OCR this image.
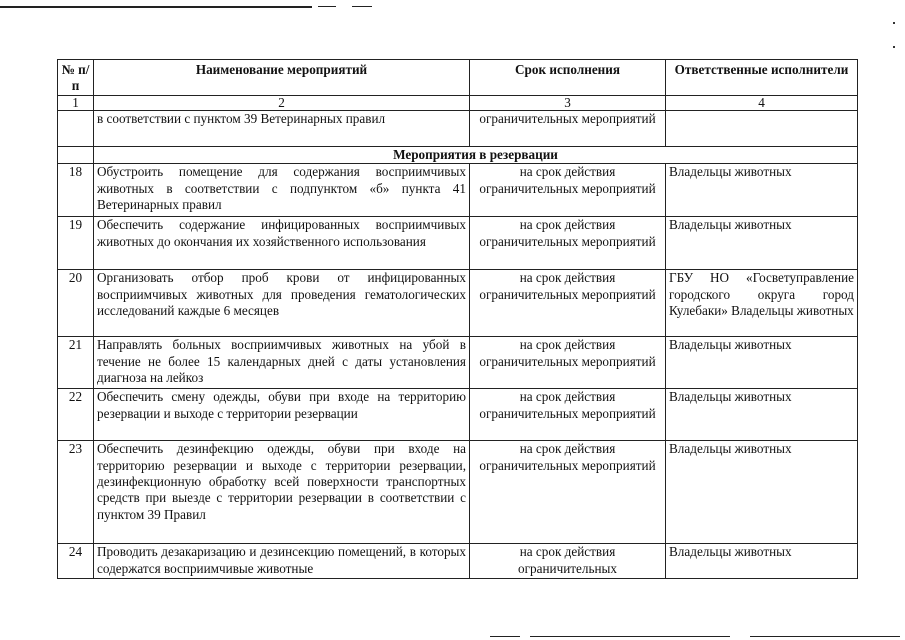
№ п/п	Наименование мероприятий	Срок исполнения	Ответственные исполнители
1	2	3	4
	в соответствии с пунктом 39 Ветеринарных правил	ограничительных мероприятий	
	Мероприятия в резервации		
18	Обустроить помещение для содержания восприимчивых животных в соответствии с подпунктом «б» пункта 41 Ветеринарных правил	на срок действия ограничительных мероприятий	Владельцы животных
19	Обеспечить содержание инфицированных восприимчивых животных до окончания их хозяйственного использования	на срок действия ограничительных мероприятий	Владельцы животных
20	Организовать отбор проб крови от инфицированных восприимчивых животных для проведения гематологических исследований каждые 6 месяцев	на срок действия ограничительных мероприятий	ГБУ НО «Госветуправление городского округа город Кулебаки» Владельцы животных
21	Направлять больных восприимчивых животных на убой в течение не более 15 календарных дней с даты установления диагноза на лейкоз	на срок действия ограничительных мероприятий	Владельцы животных
22	Обеспечить смену одежды, обуви при входе на территорию резервации и выходе с территории резервации	на срок действия ограничительных мероприятий	Владельцы животных
23	Обеспечить дезинфекцию одежды, обуви при входе на территорию резервации и выходе с территории резервации, дезинфекционную обработку всей поверхности транспортных средств при выезде с территории резервации в соответствии с пунктом 39 Правил	на срок действия ограничительных мероприятий	Владельцы животных
24	Проводить дезакаризацию и дезинсекцию помещений, в которых содержатся восприимчивые животные	на срок действия ограничительных	Владельцы животных
